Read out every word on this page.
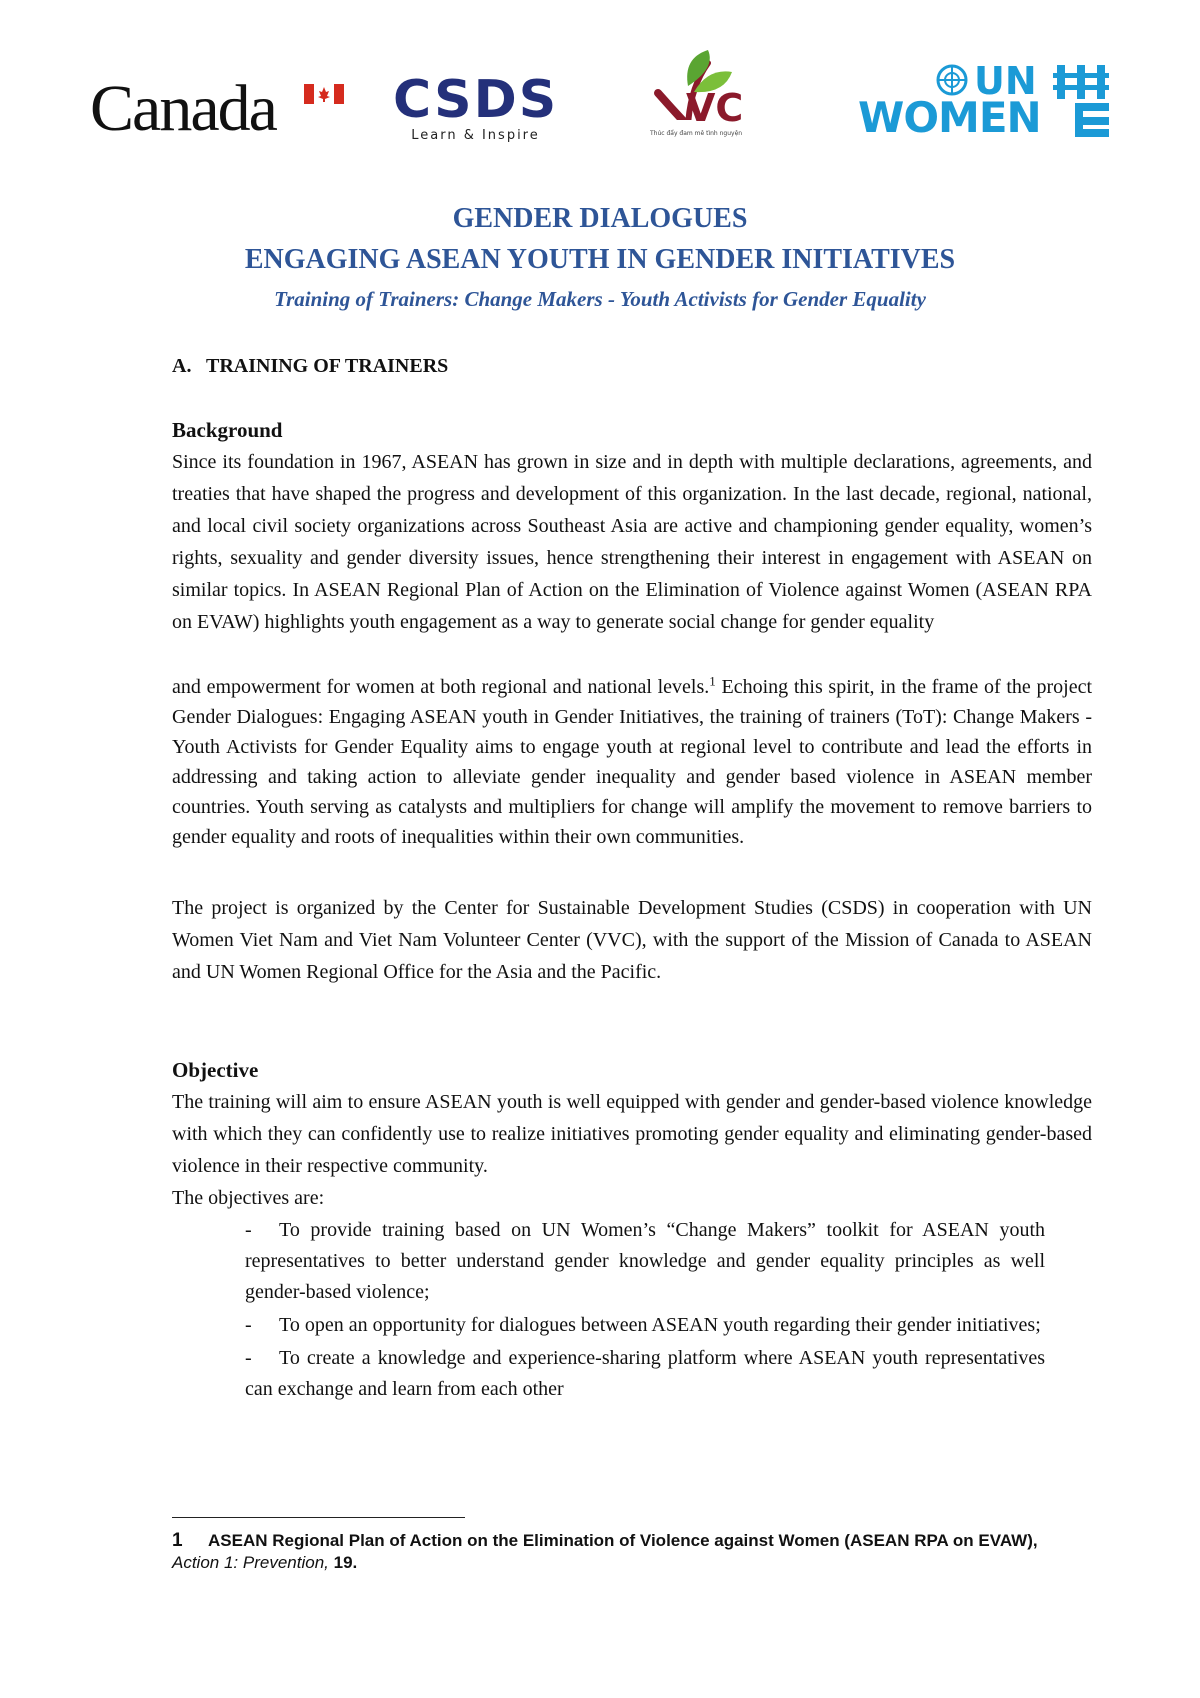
Canada CSDS
Learn & Inspire
VC
Thúc đẩy đam mê tình nguyện
UN
WOMEN
GENDER DIALOGUES
ENGAGING ASEAN YOUTH IN GENDER INITIATIVES
Training of Trainers: Change Makers - Youth Activists for Gender Equality
A. TRAINING OF TRAINERS
Background
Since its foundation in 1967, ASEAN has grown in size and in depth with multiple declarations, agreements, and treaties that have shaped the progress and development of this organization. In the last decade, regional, national, and local civil society organizations across Southeast Asia are active and championing gender equality, women’s rights, sexuality and gender diversity issues, hence strengthening their interest in engagement with ASEAN on similar topics. In ASEAN Regional Plan of Action on the Elimination of Violence against Women (ASEAN RPA on EVAW) highlights youth engagement as a way to generate social change for gender equality
and empowerment for women at both regional and national levels.$^1$ Echoing this spirit, in the frame of the project Gender Dialogues: Engaging ASEAN youth in Gender Initiatives, the training of trainers (ToT): Change Makers - Youth Activists for Gender Equality aims to engage youth at regional level to contribute and lead the efforts in addressing and taking action to alleviate gender inequality and gender based violence in ASEAN member countries. Youth serving as catalysts and multipliers for change will amplify the movement to remove barriers to gender equality and roots of inequalities within their own communities.
The project is organized by the Center for Sustainable Development Studies (CSDS) in cooperation with UN Women Viet Nam and Viet Nam Volunteer Center (VVC), with the support of the Mission of Canada to ASEAN and UN Women Regional Office for the Asia and the Pacific.
Objective
The training will aim to ensure ASEAN youth is well equipped with gender and gender-based violence knowledge with which they can confidently use to realize initiatives promoting gender equality and eliminating gender-based violence in their respective community.
The objectives are:
- To provide training based on UN Women’s “Change Makers” toolkit for ASEAN youth representatives to better understand gender knowledge and gender equality principles as well gender-based violence;
- To open an opportunity for dialogues between ASEAN youth regarding their gender initiatives;
- To create a knowledge and experience-sharing platform where ASEAN youth representatives can exchange and learn from each other
1 ASEAN Regional Plan of Action on the Elimination of Violence against Women (ASEAN RPA on EVAW),
Action 1: Prevention, 19.
